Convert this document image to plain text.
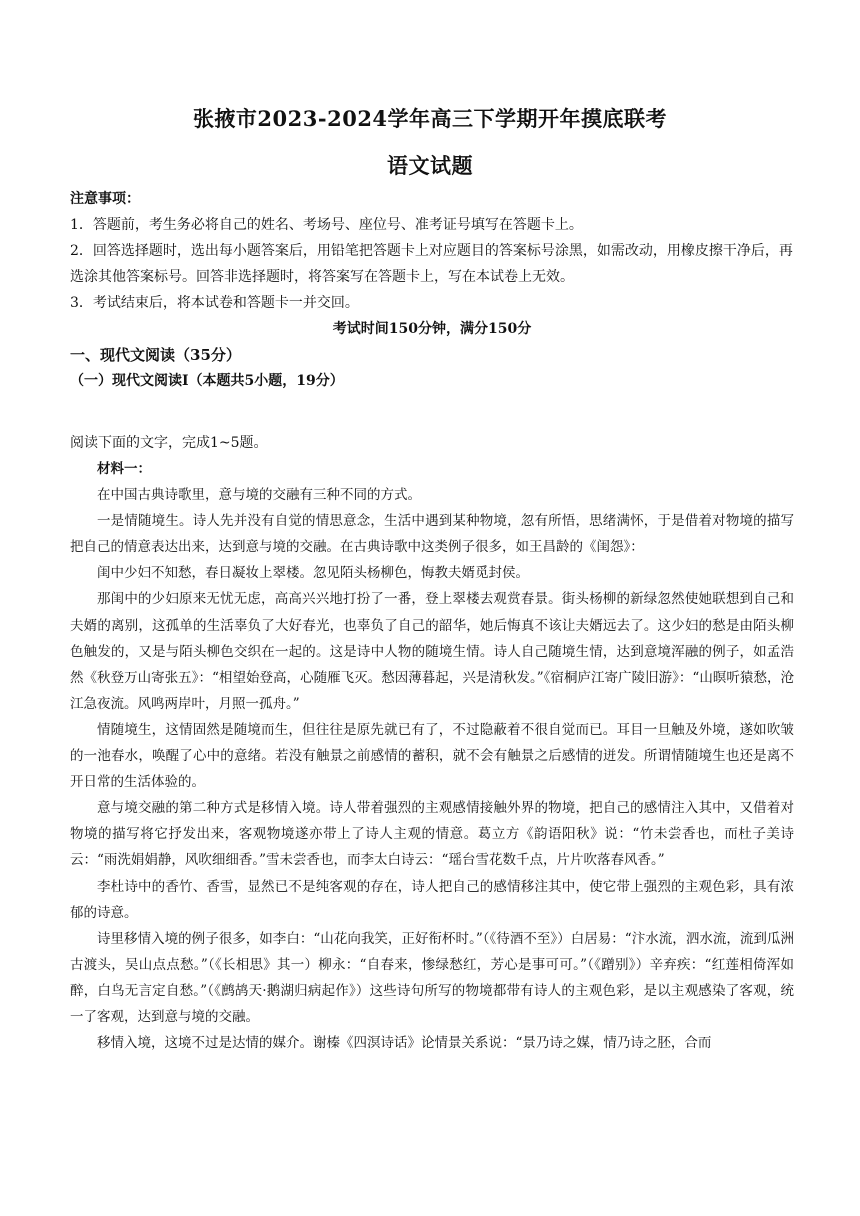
张掖市2023-2024学年高三下学期开年摸底联考
语文试题

注意事项：

1．答题前，考生务必将自己的姓名、考场号、座位号、准考证号填写在答题卡上。

2．回答选择题时，选出每小题答案后，用铅笔把答题卡上对应题目的答案标号涂黑，如需改动，用橡皮擦干净后，再选涂其他答案标号。回答非选择题时，将答案写在答题卡上，写在本试卷上无效。

3．考试结束后，将本试卷和答题卡一并交回。

考试时间150分钟，满分150分

一、现代文阅读（35分）

（一）现代文阅读Ⅰ（本题共5小题，19分）

阅读下面的文字，完成1~5题。

材料一：

在中国古典诗歌里，意与境的交融有三种不同的方式。

一是情随境生。诗人先并没有自觉的情思意念，生活中遇到某种物境，忽有所悟，思绪满怀，于是借着对物境的描写把自己的情意表达出来，达到意与境的交融。在古典诗歌中这类例子很多，如王昌龄的《闺怨》：

闺中少妇不知愁，春日凝妆上翠楼。忽见陌头杨柳色，悔教夫婿觅封侯。

那闺中的少妇原来无忧无虑，高高兴兴地打扮了一番，登上翠楼去观赏春景。街头杨柳的新绿忽然使她联想到自己和夫婿的离别，这孤单的生活辜负了大好春光，也辜负了自己的韶华，她后悔真不该让夫婿远去了。这少妇的愁是由陌头柳色触发的，又是与陌头柳色交织在一起的。这是诗中人物的随境生情。诗人自己随境生情，达到意境浑融的例子，如孟浩然《秋登万山寄张五》：“相望始登高，心随雁飞灭。愁因薄暮起，兴是清秋发。”《宿桐庐江寄广陵旧游》：“山暝听猿愁，沧江急夜流。风鸣两岸叶，月照一孤舟。”

情随境生，这情固然是随境而生，但往往是原先就已有了，不过隐蔽着不很自觉而已。耳目一旦触及外境，遂如吹皱的一池春水，唤醒了心中的意绪。若没有触景之前感情的蓄积，就不会有触景之后感情的迸发。所谓情随境生也还是离不开日常的生活体验的。

意与境交融的第二种方式是移情入境。诗人带着强烈的主观感情接触外界的物境，把自己的感情注入其中，又借着对物境的描写将它抒发出来，客观物境遂亦带上了诗人主观的情意。葛立方《韵语阳秋》说：“竹未尝香也，而杜子美诗云：“雨洗娟娟静，风吹细细香。”雪未尝香也，而李太白诗云：“瑶台雪花数千点，片片吹落春风香。”

李杜诗中的香竹、香雪，显然已不是纯客观的存在，诗人把自己的感情移注其中，使它带上强烈的主观色彩，具有浓郁的诗意。

诗里移情入境的例子很多，如李白：“山花向我笑，正好衔杯时。”（《待酒不至》）白居易：“汴水流，泗水流，流到瓜洲古渡头，吴山点点愁。”（《长相思》其一）柳永：“自春来，惨绿愁红，芳心是事可可。”（《蹭别》）辛弃疾：“红莲相倚浑如醉，白鸟无言定自愁。”（《鹧鸪天·鹅湖归病起作》）这些诗句所写的物境都带有诗人的主观色彩，是以主观感染了客观，统一了客观，达到意与境的交融。

移情入境，这境不过是达情的媒介。谢榛《四溟诗话》论情景关系说：“景乃诗之媒，情乃诗之胚，合而
